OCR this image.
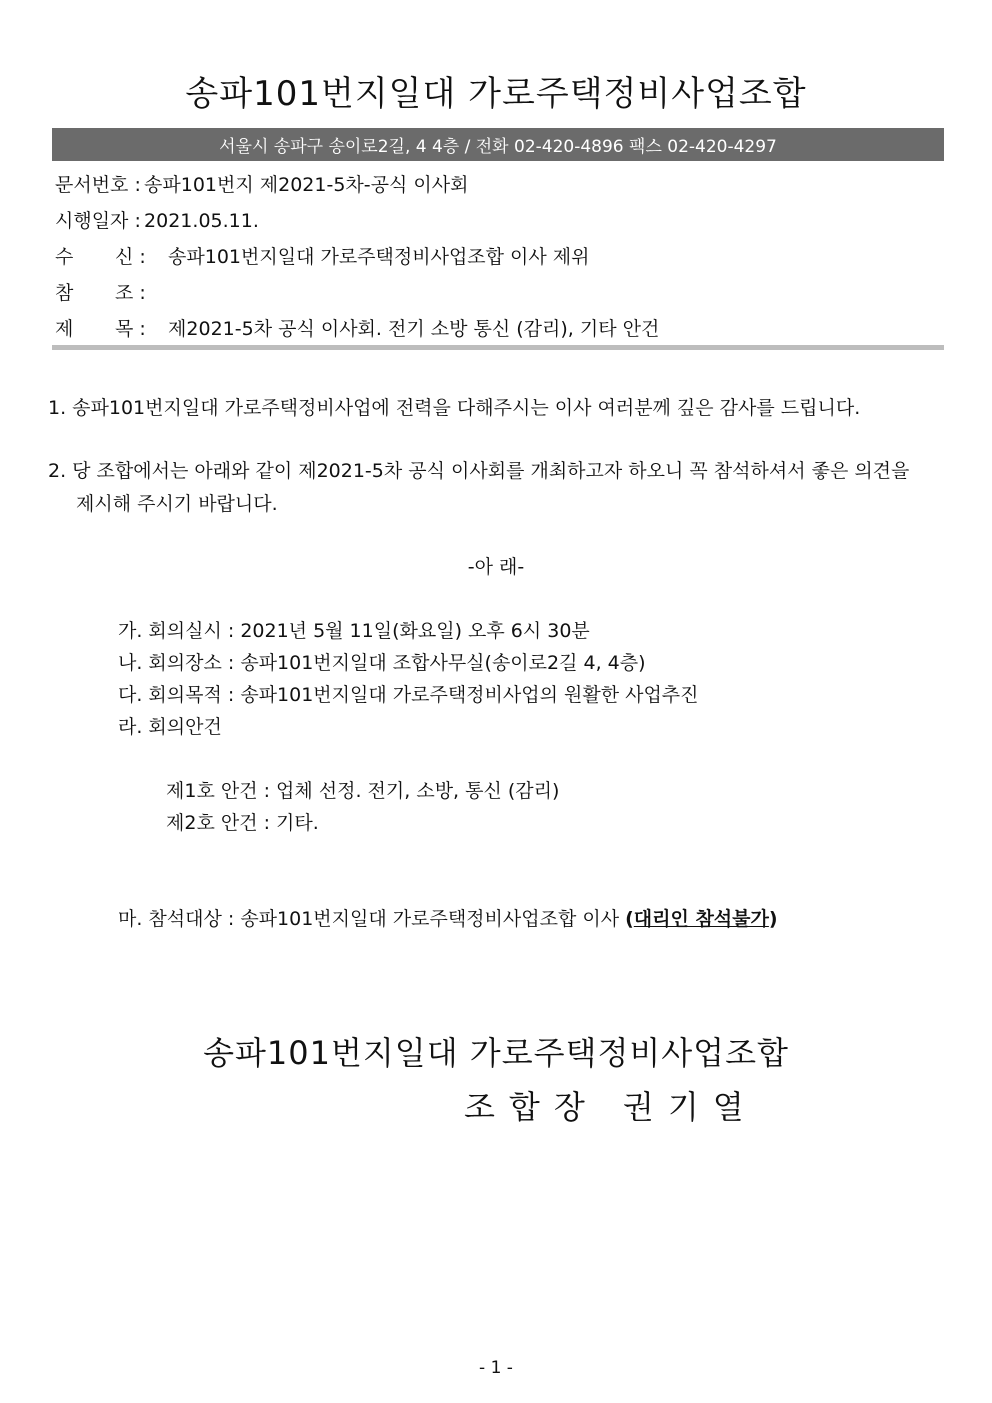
송파101번지일대 가로주택정비사업조합
서울시 송파구 송이로2길, 4 4층 / 전화 02-420-4896 팩스 02-420-4297
문서번호 : 송파101번지 제2021-5차-공식 이사회
시행일자 : 2021.05.11.
수 신 : 송파101번지일대 가로주택정비사업조합 이사 제위
참 조 :
제 목 : 제2021-5차 공식 이사회. 전기 소방 통신 (감리), 기타 안건
1. 송파101번지일대 가로주택정비사업에 전력을 다해주시는 이사 여러분께 깊은 감사를 드립니다.
2. 당 조합에서는 아래와 같이 제2021-5차 공식 이사회를 개최하고자 하오니 꼭 참석하셔서 좋은 의견을
제시해 주시기 바랍니다.
-아 래-
가. 회의실시 : 2021년 5월 11일(화요일) 오후 6시 30분
나. 회의장소 : 송파101번지일대 조합사무실(송이로2길 4, 4층)
다. 회의목적 : 송파101번지일대 가로주택정비사업의 원활한 사업추진
라. 회의안건
제1호 안건 : 업체 선정. 전기, 소방, 통신 (감리)
제2호 안건 : 기타.
마. 참석대상 : 송파101번지일대 가로주택정비사업조합 이사 (대리인 참석불가)
송파101번지일대 가로주택정비사업조합
조합장 권기열
- 1 -
